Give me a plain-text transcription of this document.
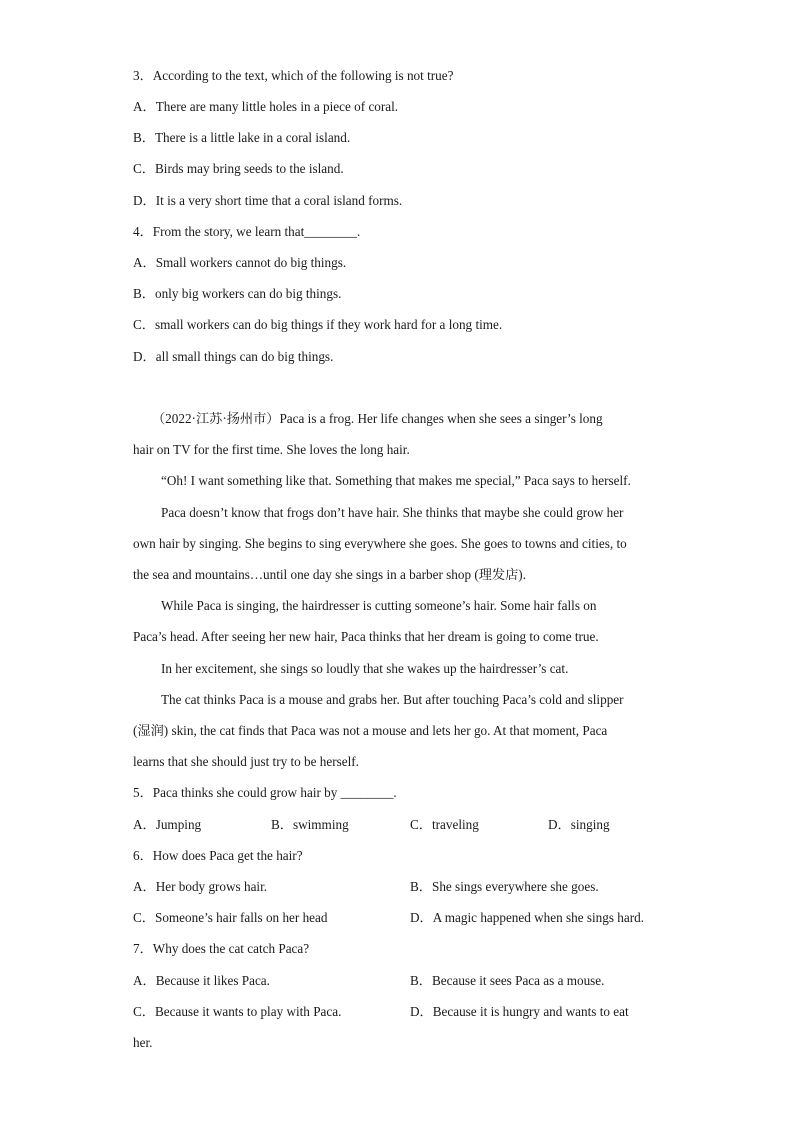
3．According to the text, which of the following is not true?
A．There are many little holes in a piece of coral.
B．There is a little lake in a coral island.
C．Birds may bring seeds to the island.
D．It is a very short time that a coral island forms.
4．From the story, we learn that________.
A．Small workers cannot do big things.
B．only big workers can do big things.
C．small workers can do big things if they work hard for a long time.
D．all small things can do big things.
（2022·江苏·扬州市）Paca is a frog. Her life changes when she sees a singer’s long
hair on TV for the first time. She loves the long hair.
“Oh! I want something like that. Something that makes me special,” Paca says to herself.
Paca doesn’t know that frogs don’t have hair. She thinks that maybe she could grow her
own hair by singing. She begins to sing everywhere she goes. She goes to towns and cities, to
the sea and mountains…until one day she sings in a barber shop (理发店).
While Paca is singing, the hairdresser is cutting someone’s hair. Some hair falls on
Paca’s head. After seeing her new hair, Paca thinks that her dream is going to come true.
In her excitement, she sings so loudly that she wakes up the hairdresser’s cat.
The cat thinks Paca is a mouse and grabs her. But after touching Paca’s cold and slipper
(湿润) skin, the cat finds that Paca was not a mouse and lets her go. At that moment, Paca
learns that she should just try to be herself.
5．Paca thinks she could grow hair by ________.
A．Jumping	B．swimming	C．traveling	D．singing
6．How does Paca get the hair?
A．Her body grows hair.	B．She sings everywhere she goes.
C．Someone’s hair falls on her head	D．A magic happened when she sings hard.
7．Why does the cat catch Paca?
A．Because it likes Paca.	B．Because it sees Paca as a mouse.
C．Because it wants to play with Paca.	D．Because it is hungry and wants to eat
her.
